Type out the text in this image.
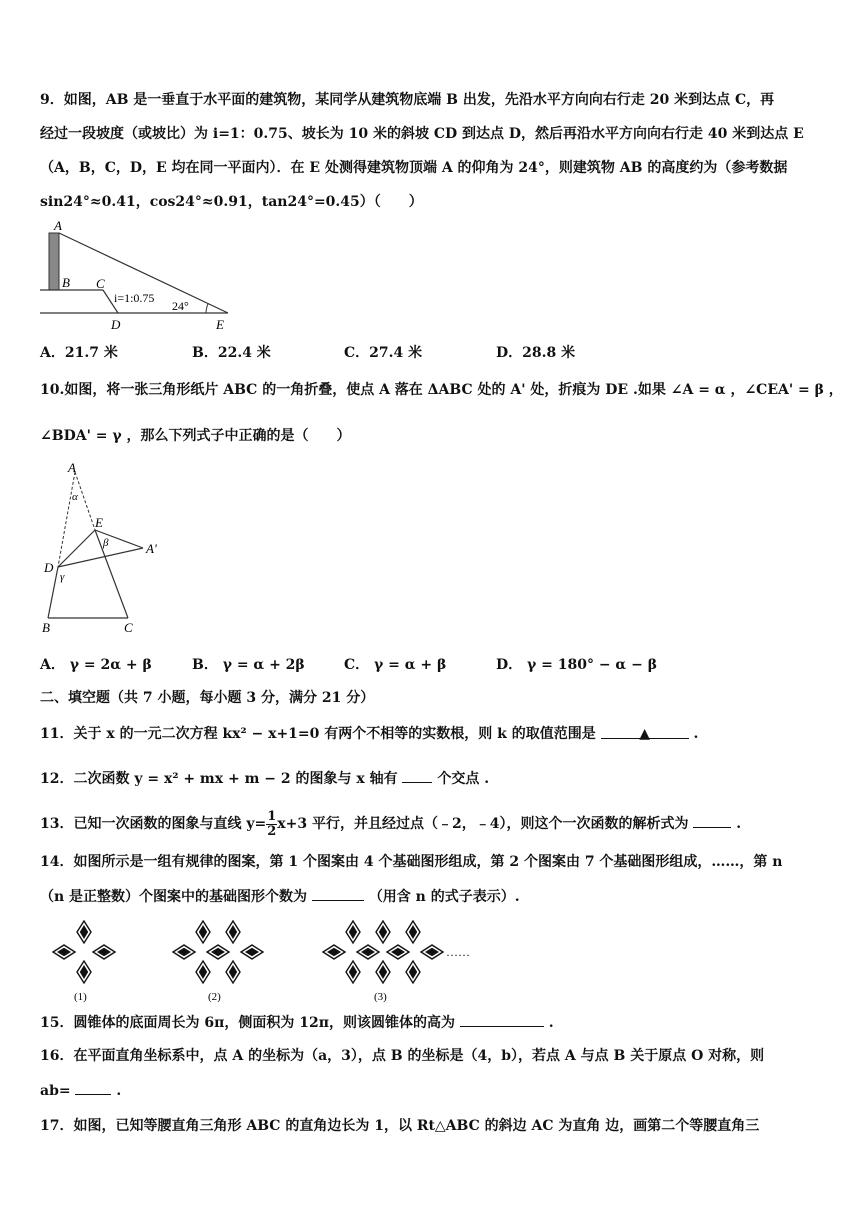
9．如图，AB 是一垂直于水平面的建筑物，某同学从建筑物底端 B 出发，先沿水平方向向右行走 20 米到达点 C，再
经过一段坡度（或坡比）为 i=1：0.75、坡长为 10 米的斜坡 CD 到达点 D，然后再沿水平方向向右行走 40 米到达点 E
（A，B，C，D，E 均在同一平面内）．在 E 处测得建筑物顶端 A 的仰角为 24°，则建筑物 AB 的高度约为（参考数据
sin24°≈0.41，cos24°≈0.91，tan24°=0.45）（　　）
A
B C
D	E
i=1:0.75
24°
A．21.7 米	B．22.4 米	C．27.4 米	D．28.8 米
10.如图，将一张三角形纸片 ABC 的一角折叠，使点 A 落在 ΔABC 处的 A' 处，折痕为 DE .如果 ∠A = α ，∠CEA' = β ，
∠BDA' = γ ，那么下列式子中正确的是（　　）
A
α
E
β	A'
D
γ
B	C
A． γ = 2α + β	B． γ = α + 2β	C． γ = α + β	D． γ = 180° − α − β
二、填空题（共 7 小题，每小题 3 分，满分 21 分）
11．关于 x 的一元二次方程 kx² − x+1=0 有两个不相等的实数根，则 k 的取值范围是	▲	.
12．二次函数 y = x² + mx + m − 2 的图象与 x 轴有	个交点 .
13．已知一次函数的图象与直线 $y= \frac{1}{2} x+3$ 平行，并且经过点（﹣2，﹣4），则这个一次函数的解析式为	.
14．如图所示是一组有规律的图案，第 1 个图案由 4 个基础图形组成，第 2 个图案由 7 个基础图形组成，……，第 n
（n 是正整数）个图案中的基础图形个数为	（用含 n 的式子表示）.
……
(1)	(2)	(3)
15．圆锥体的底面周长为 6π，侧面积为 12π，则该圆锥体的高为	.
16．在平面直角坐标系中，点 A 的坐标为（a，3），点 B 的坐标是（4，b），若点 A 与点 B 关于原点 O 对称，则
ab=	.
17．如图，已知等腰直角三角形 ABC 的直角边长为 1，以 Rt△ABC 的斜边 AC 为直角 边，画第二个等腰直角三
